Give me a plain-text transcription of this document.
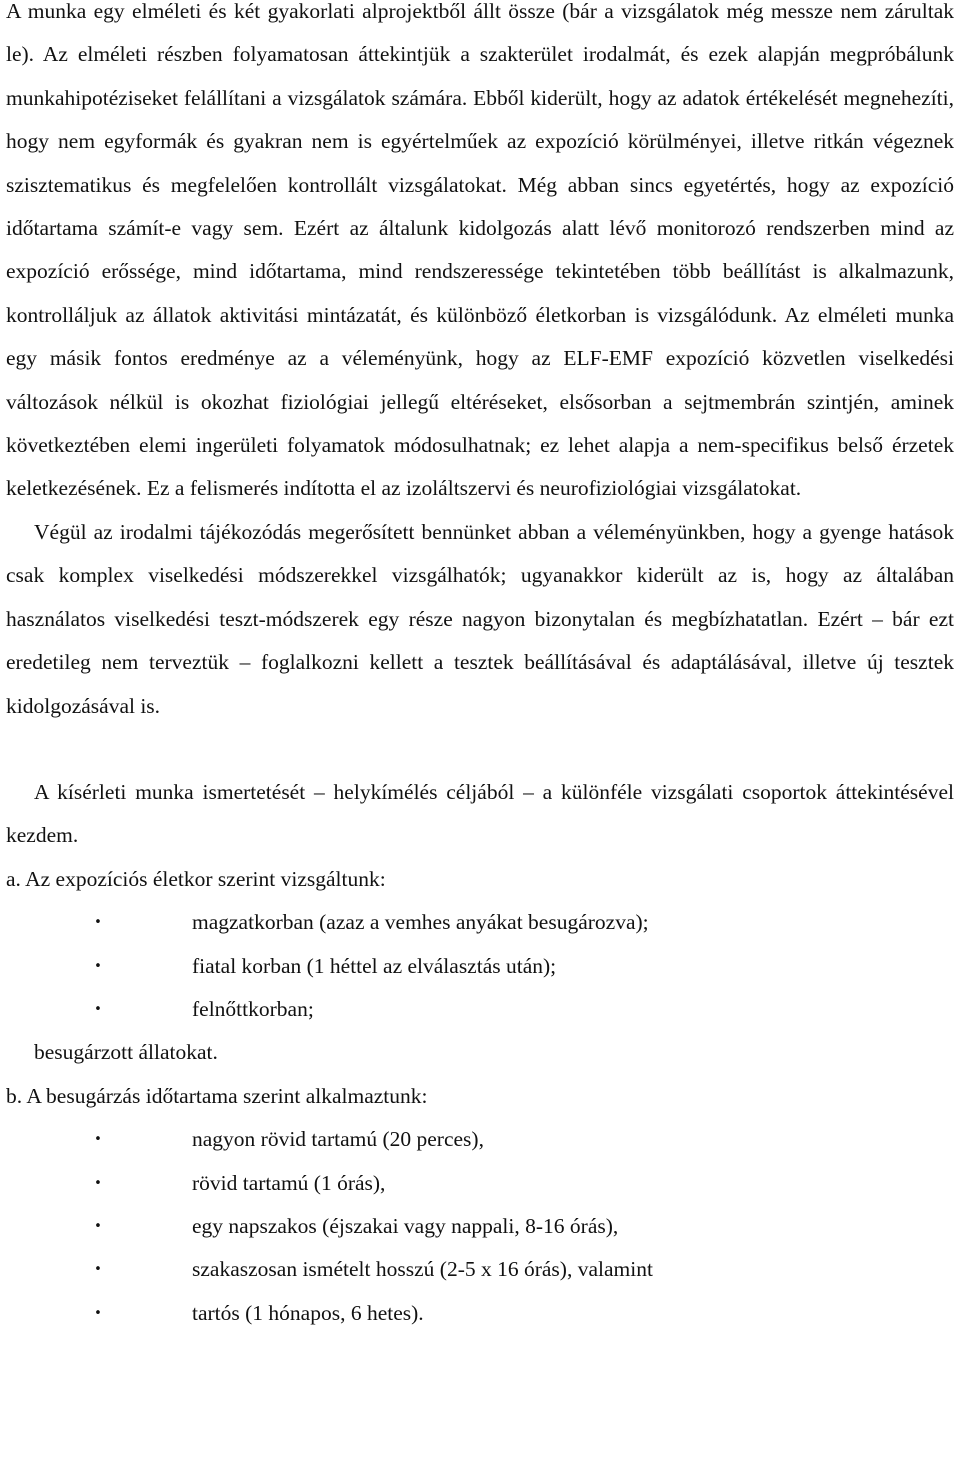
A munka egy elméleti és két gyakorlati alprojektből állt össze (bár a vizsgálatok még messze nem zárultak le). Az elméleti részben folyamatosan áttekintjük a szakterület irodalmát, és ezek alapján megpróbálunk munkahipotéziseket felállítani a vizsgálatok számára. Ebből kiderült, hogy az adatok értékelését megnehezíti, hogy nem egyformák és gyakran nem is egyértelműek az expozíció körülményei, illetve ritkán végeznek szisztematikus és megfelelően kontrollált vizsgálatokat. Még abban sincs egyetértés, hogy az expozíció időtartama számít-e vagy sem. Ezért az általunk kidolgozás alatt lévő monitorozó rendszerben mind az expozíció erőssége, mind időtartama, mind rendszeressége tekintetében több beállítást is alkalmazunk, kontrolláljuk az állatok aktivitási mintázatát, és különböző életkorban is vizsgálódunk. Az elméleti munka egy másik fontos eredménye az a véleményünk, hogy az ELF-EMF expozíció közvetlen viselkedési változások nélkül is okozhat fiziológiai jellegű eltéréseket, elsősorban a sejtmembrán szintjén, aminek következtében elemi ingerületi folyamatok módosulhatnak; ez lehet alapja a nem-specifikus belső érzetek keletkezésének. Ez a felismerés indította el az izoláltszervi és neurofiziológiai vizsgálatokat.

Végül az irodalmi tájékozódás megerősített bennünket abban a véleményünkben, hogy a gyenge hatások csak komplex viselkedési módszerekkel vizsgálhatók; ugyanakkor kiderült az is, hogy az általában használatos viselkedési teszt-módszerek egy része nagyon bizonytalan és megbízhatatlan. Ezért – bár ezt eredetileg nem terveztük – foglalkozni kellett a tesztek beállításával és adaptálásával, illetve új tesztek kidolgozásával is.

A kísérleti munka ismertetését – helykímélés céljából – a különféle vizsgálati csoportok áttekintésével kezdem.

a. Az expozíciós életkor szerint vizsgáltunk:

•	magzatkorban (azaz a vemhes anyákat besugározva);
•	fiatal korban (1 héttel az elválasztás után);
•	felnőttkorban;

besugárzott állatokat.

b. A besugárzás időtartama szerint alkalmaztunk:

•	nagyon rövid tartamú (20 perces),
•	rövid tartamú (1 órás),
•	egy napszakos (éjszakai vagy nappali, 8-16 órás),
•	szakaszosan ismételt hosszú (2-5 x 16 órás), valamint
•	tartós (1 hónapos, 6 hetes).
